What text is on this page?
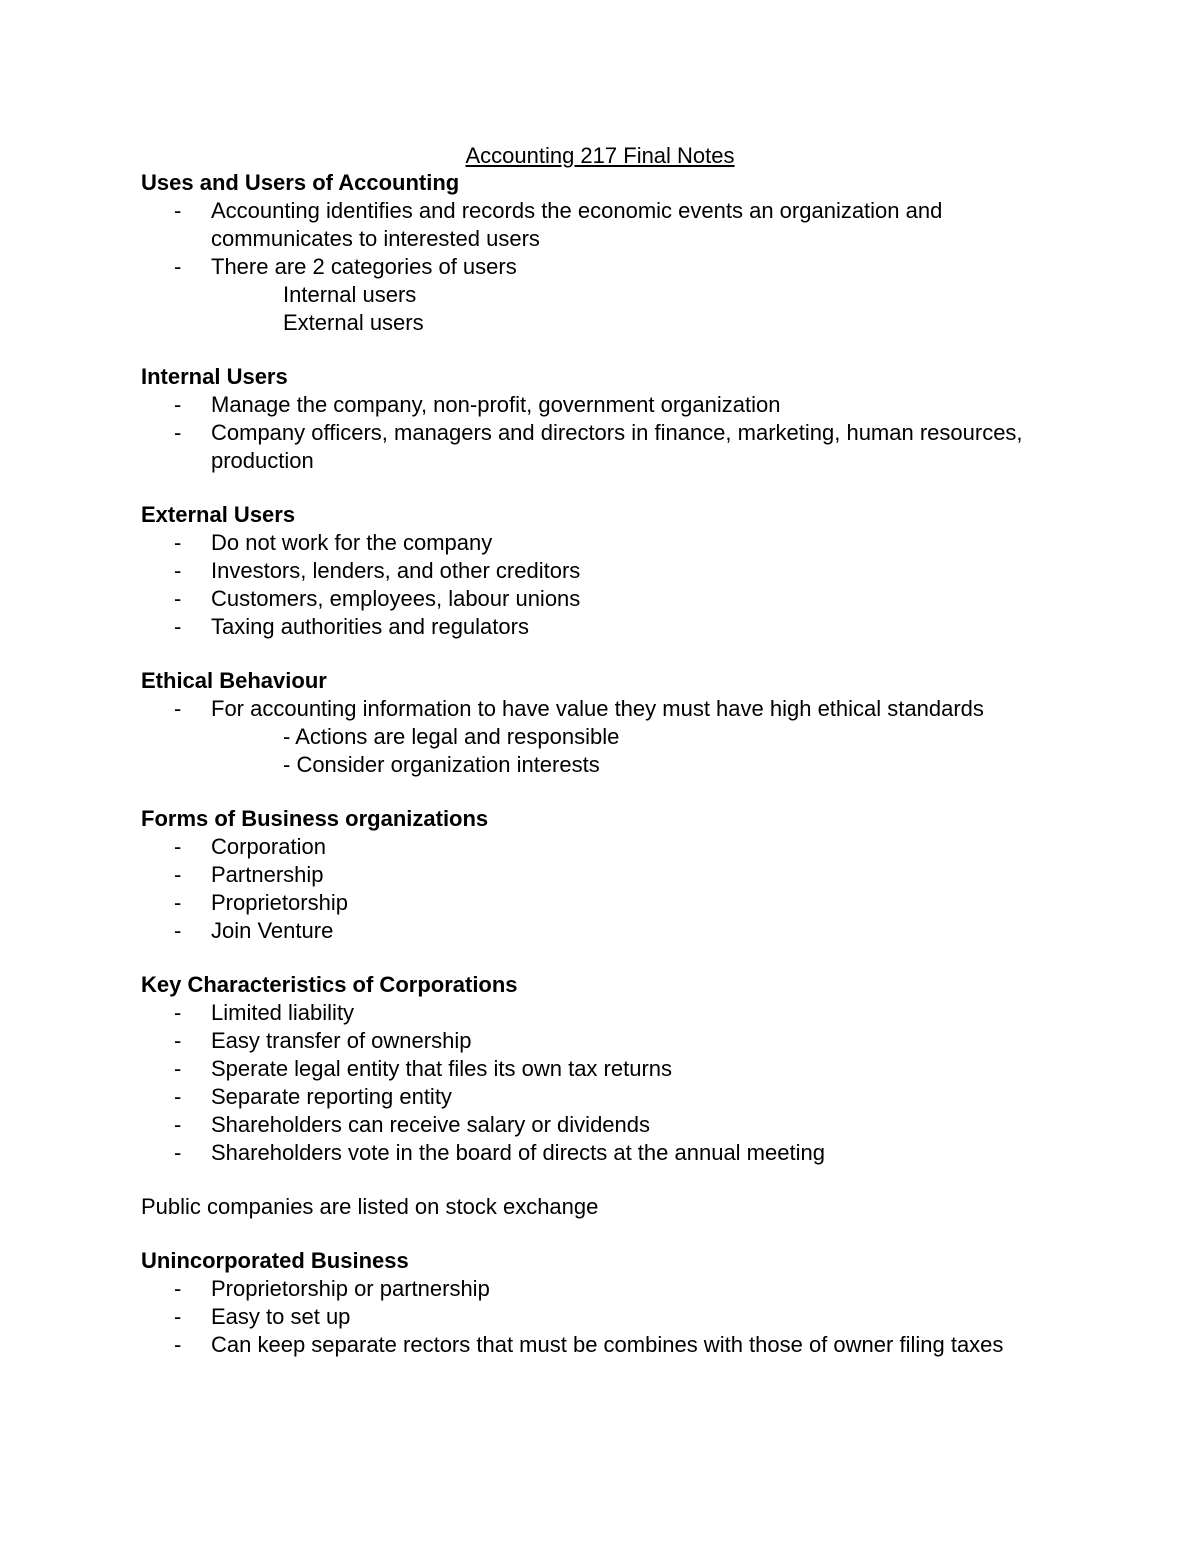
Accounting 217 Final Notes

Uses and Users of Accounting

- Accounting identifies and records the economic events an organization and communicates to interested users
- There are 2 categories of users
Internal users
External users

Internal Users

- Manage the company, non-profit, government organization
- Company officers, managers and directors in finance, marketing, human resources, production

External Users

- Do not work for the company
- Investors, lenders, and other creditors
- Customers, employees, labour unions
- Taxing authorities and regulators

Ethical Behaviour

- For accounting information to have value they must have high ethical standards
- Actions are legal and responsible
- Consider organization interests

Forms of Business organizations

- Corporation
- Partnership
- Proprietorship
- Join Venture

Key Characteristics of Corporations

- Limited liability
- Easy transfer of ownership
- Sperate legal entity that files its own tax returns
- Separate reporting entity
- Shareholders can receive salary or dividends
- Shareholders vote in the board of directs at the annual meeting
Public companies are listed on stock exchange

Unincorporated Business

- Proprietorship or partnership
- Easy to set up
- Can keep separate rectors that must be combines with those of owner filing taxes
